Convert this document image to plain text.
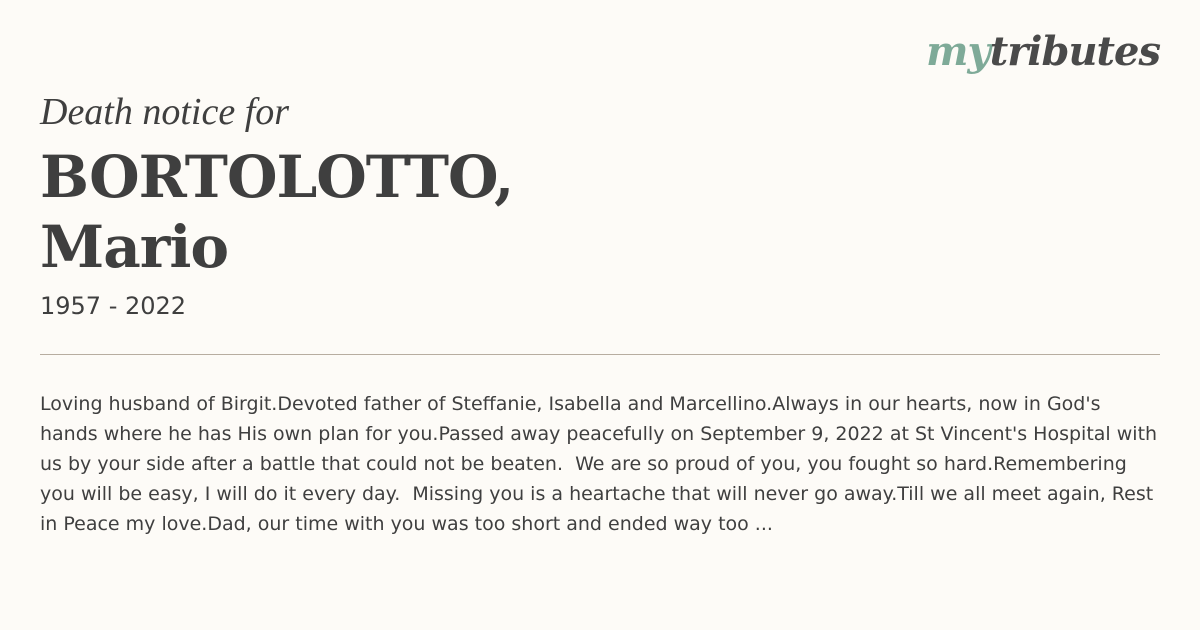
mytributes
Death notice for
BORTOLOTTO,
Mario
1957 - 2022
Loving husband of Birgit.Devoted father of Steffanie, Isabella and Marcellino.Always in our hearts, now in God's hands where he has His own plan for you.Passed away peacefully on September 9, 2022 at St Vincent's Hospital with us by your side after a battle that could not be beaten.  We are so proud of you, you fought so hard.Remembering you will be easy, I will do it every day.  Missing you is a heartache that will never go away.Till we all meet again, Rest in Peace my love.Dad, our time with you was too short and ended way too ...
